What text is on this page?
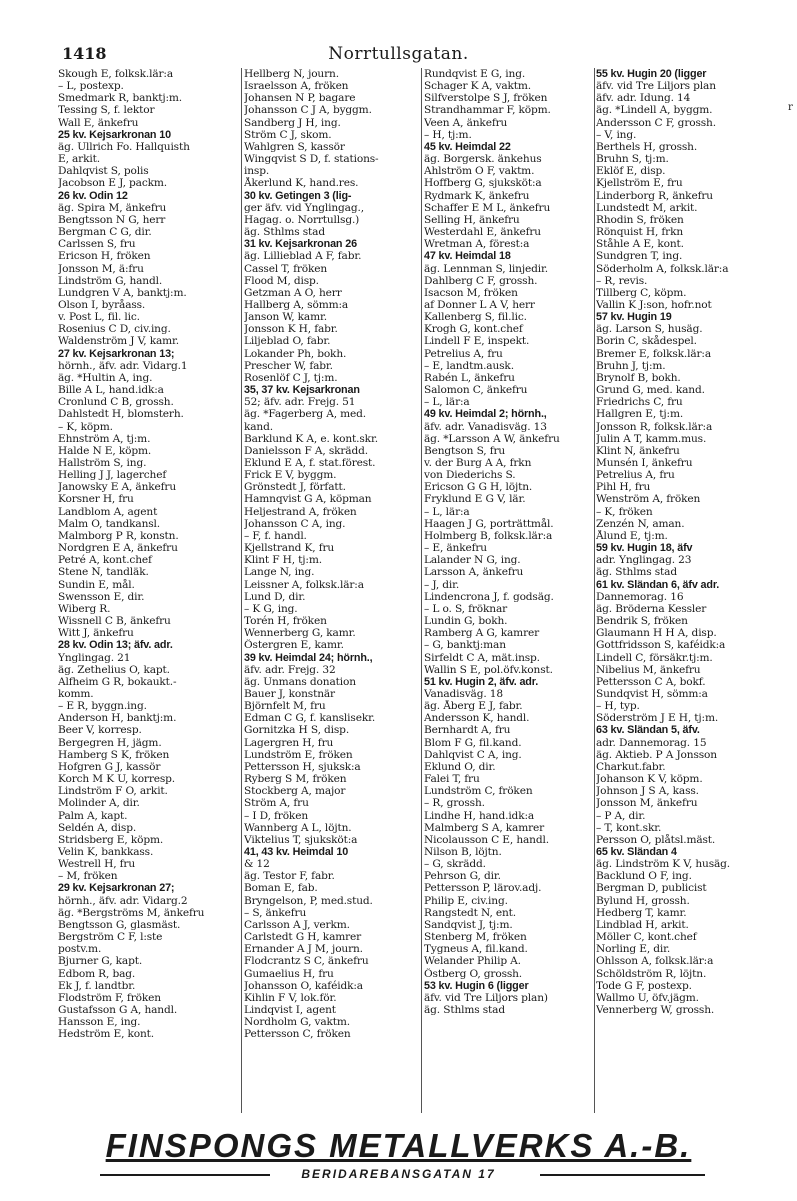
1418	Norrtullsgatan.
r
Skough E, folksk.lär:a
– L, postexp.
Smedmark R, banktj:m.
Tessing S, f. lektor
Wall E, änkefru
25 kv. Kejsarkronan 10
äg. Ullrich Fo. Hallquisth
E, arkit.
Dahlqvist S, polis
Jacobson E J, packm.
26 kv. Odin 12
äg. Spira M, änkefru
Bengtsson N G, herr
Bergman C G, dir.
Carlssen S, fru
Ericson H, fröken
Jonsson M, ä:fru
Lindström G, handl.
Lundgren V A, banktj:m.
Olson I, byråass.
v. Post L, fil. lic.
Rosenius C D, civ.ing.
Waldenström J V, kamr.
27 kv. Kejsarkronan 13;
hörnh., äfv. adr. Vidarg.1
äg. *Hultin A, ing.
Bille A L, hand.idk:a
Cronlund C B, grossh.
Dahlstedt H, blomsterh.
– K, köpm.
Ehnström A, tj:m.
Halde N E, köpm.
Hallström S, ing.
Helling J J, lagerchef
Janowsky E A, änkefru
Korsner H, fru
Landblom A, agent
Malm O, tandkansl.
Malmborg P R, konstn.
Nordgren E A, änkefru
Petré A, kont.chef
Stene N, tandläk.
Sundin E, mål.
Swensson E, dir.
Wiberg R.
Wissnell C B, änkefru
Witt J, änkefru
28 kv. Odin 13; äfv. adr.
Ynglingag. 21
äg. Zethelius O, kapt.
Alfheim G R, bokaukt.-
komm.
– E R, byggn.ing.
Anderson H, banktj:m.
Beer V, korresp.
Bergegren H, jägm.
Hamberg S K, fröken
Hofgren G J, kassör
Korch M K U, korresp.
Lindström F O, arkit.
Molinder A, dir.
Palm A, kapt.
Seldén A, disp.
Stridsberg E, köpm.
Velin K, bankkass.
Westrell H, fru
– M, fröken
29 kv. Kejsarkronan 27;
hörnh., äfv. adr. Vidarg.2
äg. *Bergströms M, änkefru
Bengtsson G, glasmäst.
Bergström C F, l:ste
postv.m.
Bjurner G, kapt.
Edbom R, bag.
Ek J, f. landtbr.
Flodström F, fröken
Gustafsson G A, handl.
Hansson E, ing.
Hedström E, kont.
Hellberg N, journ.
Israelsson A, fröken
Johansen N P, bagare
Johansson C J A, byggm.
Sandberg J H, ing.
Ström C J, skom.
Wahlgren S, kassör
Wingqvist S D, f. stations-
insp.
Åkerlund K, hand.res.
30 kv. Getingen 3 (lig-
ger äfv. vid Ynglingag.,
Hagag. o. Norrtullsg.)
äg. Sthlms stad
31 kv. Kejsarkronan 26
äg. Lillieblad A F, fabr.
Cassel T, fröken
Flood M, disp.
Getzman A O, herr
Hallberg A, sömm:a
Janson W, kamr.
Jonsson K H, fabr.
Liljeblad O, fabr.
Lokander Ph, bokh.
Prescher W, fabr.
Rosenlöf C J, tj:m.
35, 37 kv. Kejsarkronan
52; äfv. adr. Frejg. 51
äg. *Fagerberg A, med.
kand.
Barklund K A, e. kont.skr.
Danielsson F A, skrädd.
Eklund E A, f. stat.förest.
Frick E V, byggm.
Grönstedt J, författ.
Hamnqvist G A, köpman
Heljestrand A, fröken
Johansson C A, ing.
– F, f. handl.
Kjellstrand K, fru
Klint F H, tj:m.
Lange N, ing.
Leissner A, folksk.lär:a
Lund D, dir.
– K G, ing.
Torén H, fröken
Wennerberg G, kamr.
Östergren E, kamr.
39 kv. Heimdal 24; hörnh.,
äfv. adr. Frejg. 32
äg. Unmans donation
Bauer J, konstnär
Björnfelt M, fru
Edman C G, f. kanslisekr.
Gornitzka H S, disp.
Lagergren H, fru
Lundström E, fröken
Pettersson H, sjuksk:a
Ryberg S M, fröken
Stockberg A, major
Ström A, fru
– I D, fröken
Wannberg A L, löjtn.
Viktelius T, sjuksköt:a
41, 43 kv. Heimdal 10
& 12
äg. Testor F, fabr.
Boman E, fab.
Bryngelson, P, med.stud.
– S, änkefru
Carlsson A J, verkm.
Carlstedt G H, kamrer
Ernander A J M, journ.
Flodcrantz S C, änkefru
Gumaelius H, fru
Johansson O, kaféidk:a
Kihlin F V, lok.för.
Lindqvist I, agent
Nordholm G, vaktm.
Pettersson C, fröken
Rundqvist E G, ing.
Schager K A, vaktm.
Silfverstolpe S J, fröken
Strandhammar F, köpm.
Veen A, änkefru
– H, tj:m.
45 kv. Heimdal 22
äg. Borgersk. änkehus
Ahlström O F, vaktm.
Hoffberg G, sjuksköt:a
Rydmark K, änkefru
Schaffer E M L, änkefru
Selling H, änkefru
Westerdahl E, änkefru
Wretman A, förest:a
47 kv. Heimdal 18
äg. Lennman S, linjedir.
Dahlberg C F, grossh.
Isacson M, fröken
af Donner L A V, herr
Kallenberg S, fil.lic.
Krogh G, kont.chef
Lindell F E, inspekt.
Petrelius A, fru
– E, landtm.ausk.
Rabén L, änkefru
Salomon C, änkefru
– L, lär:a
49 kv. Heimdal 2; hörnh.,
äfv. adr. Vanadisväg. 13
äg. *Larsson A W, änkefru
Bengtson S, fru
v. der Burg A A, frkn
von Diederichs S.
Ericson G G H, löjtn.
Fryklund E G V, lär.
– L, lär:a
Haagen J G, porträttmål.
Holmberg B, folksk.lär:a
– E, änkefru
Lalander N G, ing.
Larsson A, änkefru
– J, dir.
Lindencrona J, f. godsäg.
– L o. S, fröknar
Lundin G, bokh.
Ramberg A G, kamrer
– G, banktj:man
Sirfeldt C A, mät.insp.
Wallin S E, pol.öfv.konst.
51 kv. Hugin 2, äfv. adr.
Vanadisväg. 18
äg. Åberg E J, fabr.
Andersson K, handl.
Bernhardt A, fru
Blom F G, fil.kand.
Dahlqvist C A, ing.
Eklund O, dir.
Falei T, fru
Lundström C, fröken
– R, grossh.
Lindhe H, hand.idk:a
Malmberg S A, kamrer
Nicolausson C E, handl.
Nilson B, löjtn.
– G, skrädd.
Pehrson G, dir.
Pettersson P, lärov.adj.
Philip E, civ.ing.
Rangstedt N, ent.
Sandqvist J, tj:m.
Stenberg M, fröken
Tygneus A, fil.kand.
Welander Philip A.
Östberg O, grossh.
53 kv. Hugin 6 (ligger
äfv. vid Tre Liljors plan)
äg. Sthlms stad
55 kv. Hugin 20 (ligger
äfv. vid Tre Liljors plan
äfv. adr. Idung. 14
äg. *Lindell A, byggm.
Andersson C F, grossh.
– V, ing.
Berthels H, grossh.
Bruhn S, tj:m.
Eklöf E, disp.
Kjellström E, fru
Linderborg R, änkefru
Lundstedt M, arkit.
Rhodin S, fröken
Rönquist H, frkn
Ståhle A E, kont.
Sundgren T, ing.
Söderholm A, folksk.lär:a
– R, revis.
Tillberg C, köpm.
Vallin K J:son, hofr.not
57 kv. Hugin 19
äg. Larson S, husäg.
Borin C, skådespel.
Bremer E, folksk.lär:a
Bruhn J, tj:m.
Brynolf B, bokh.
Grund G, med. kand.
Friedrichs C, fru
Hallgren E, tj:m.
Jonsson R, folksk.lär:a
Julin A T, kamm.mus.
Klint N, änkefru
Munsén I, änkefru
Petrelius A, fru
Pihl H, fru
Wenström A, fröken
– K, fröken
Zenzén N, aman.
Ålund E, tj:m.
59 kv. Hugin 18, äfv
adr. Ynglingag. 23
äg. Sthlms stad
61 kv. Sländan 6, äfv adr.
Dannemorag. 16
äg. Bröderna Kessler
Bendrik S, fröken
Glaumann H H A, disp.
Gottfridsson S, kaféidk:a
Lindell C, försäkr.tj:m.
Nibelius M, änkefru
Pettersson C A, bokf.
Sundqvist H, sömm:a
– H, typ.
Söderström J E H, tj:m.
63 kv. Sländan 5, äfv.
adr. Dannemorag. 15
äg. Aktieb. P A Jonsson
Charkut.fabr.
Johanson K V, köpm.
Johnson J S A, kass.
Jonsson M, änkefru
– P A, dir.
– T, kont.skr.
Persson O, plåtsl.mäst.
65 kv. Sländan 4
äg. Lindström K V, husäg.
Backlund O F, ing.
Bergman D, publicist
Bylund H, grossh.
Hedberg T, kamr.
Lindblad H, arkit.
Möller C, kont.chef
Norling E, dir.
Ohlsson A, folksk.lär:a
Schöldström R, löjtn.
Tode G F, postexp.
Wallmo U, öfv.jägm.
Vennerberg W, grossh.
FINSPONGS METALLVERKS A.-B.
BERIDAREBANSGATAN 17
